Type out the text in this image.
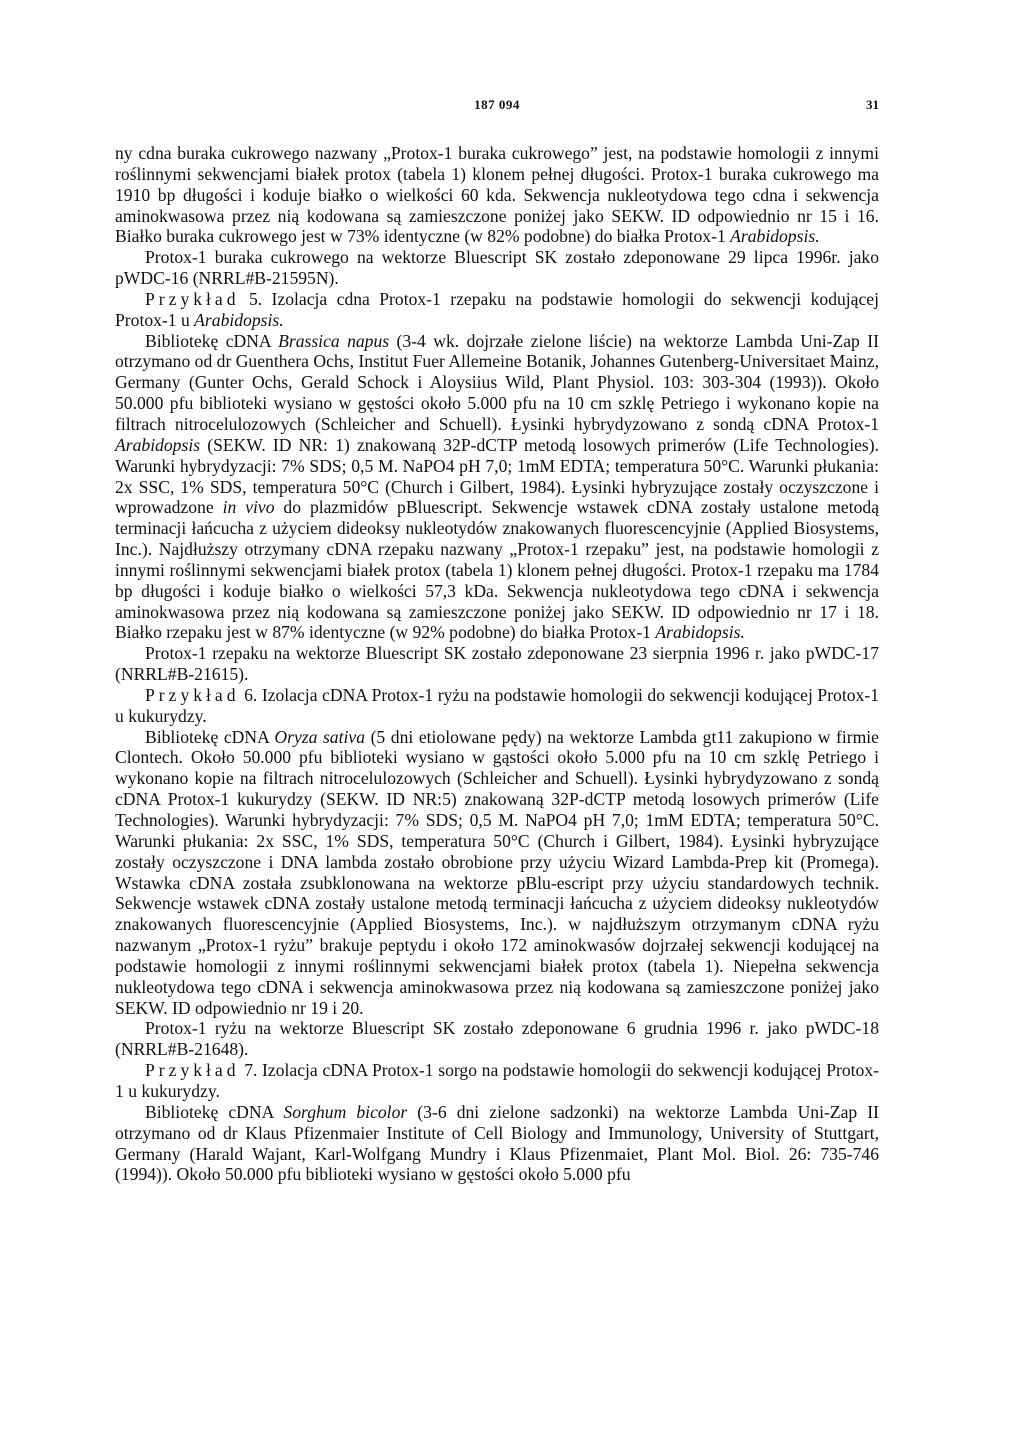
187 094	31

ny cdna buraka cukrowego nazwany „Protox-1 buraka cukrowego” jest, na podstawie homologii z innymi roślinnymi sekwencjami białek protox (tabela 1) klonem pełnej długości. Protox-1 buraka cukrowego ma 1910 bp długości i koduje białko o wielkości 60 kda. Sekwencja nukleotydowa tego cdna i sekwencja aminokwasowa przez nią kodowana są zamieszczone poniżej jako SEKW. ID odpowiednio nr 15 i 16. Białko buraka cukrowego jest w 73% identyczne (w 82% podobne) do białka Protox-1 Arabidopsis.

Protox-1 buraka cukrowego na wektorze Bluescript SK zostało zdeponowane 29 lipca 1996r. jako pWDC-16 (NRRL#B-21595N).

Przykład 5. Izolacja cdna Protox-1 rzepaku na podstawie homologii do sekwencji kodującej Protox-1 u Arabidopsis.

Bibliotekę cDNA Brassica napus (3-4 wk. dojrzałe zielone liście) na wektorze Lambda Uni-Zap II otrzymano od dr Guenthera Ochs, Institut Fuer Allemeine Botanik, Johannes Gutenberg-Universitaet Mainz, Germany (Gunter Ochs, Gerald Schock i Aloysiius Wild, Plant Physiol. 103: 303-304 (1993)). Około 50.000 pfu biblioteki wysiano w gęstości około 5.000 pfu na 10 cm szklę Petriego i wykonano kopie na filtrach nitrocelulozowych (Schleicher and Schuell). Łysinki hybrydyzowano z sondą cDNA Protox-1 Arabidopsis (SEKW. ID NR: 1) znakowaną 32P-dCTP metodą losowych primerów (Life Technologies). Warunki hybrydyzacji: 7% SDS; 0,5 M. NaPO4 pH 7,0; 1mM EDTA; temperatura 50°C. Warunki płukania: 2x SSC, 1% SDS, temperatura 50°C (Church i Gilbert, 1984). Łysinki hybryzujące zostały oczyszczone i wprowadzone in vivo do plazmidów pBluescript. Sekwencje wstawek cDNA zostały ustalone metodą terminacji łańcucha z użyciem dideoksy nukleotydów znakowanych fluorescencyjnie (Applied Biosystems, Inc.). Najdłuższy otrzymany cDNA rzepaku nazwany „Protox-1 rzepaku” jest, na podstawie homologii z innymi roślinnymi sekwencjami białek protox (tabela 1) klonem pełnej długości. Protox-1 rzepaku ma 1784 bp długości i koduje białko o wielkości 57,3 kDa. Sekwencja nukleotydowa tego cDNA i sekwencja aminokwasowa przez nią kodowana są zamieszczone poniżej jako SEKW. ID odpowiednio nr 17 i 18. Białko rzepaku jest w 87% identyczne (w 92% podobne) do białka Protox-1 Arabidopsis.

Protox-1 rzepaku na wektorze Bluescript SK zostało zdeponowane 23 sierpnia 1996 r. jako pWDC-17 (NRRL#B-21615).

Przykład 6. Izolacja cDNA Protox-1 ryżu na podstawie homologii do sekwencji kodującej Protox-1 u kukurydzy.

Bibliotekę cDNA Oryza sativa (5 dni etiolowane pędy) na wektorze Lambda gt11 zakupiono w firmie Clontech. Około 50.000 pfu biblioteki wysiano w gąstości około 5.000 pfu na 10 cm szklę Petriego i wykonano kopie na filtrach nitrocelulozowych (Schleicher and Schuell). Łysinki hybrydyzowano z sondą cDNA Protox-1 kukurydzy (SEKW. ID NR:5) znakowaną 32P-dCTP metodą losowych primerów (Life Technologies). Warunki hybrydyzacji: 7% SDS; 0,5 M. NaPO4 pH 7,0; 1mM EDTA; temperatura 50°C. Warunki płukania: 2x SSC, 1% SDS, temperatura 50°C (Church i Gilbert, 1984). Łysinki hybryzujące zostały oczyszczone i DNA lambda zostało obrobione przy użyciu Wizard Lambda-Prep kit (Promega). Wstawka cDNA została zsubklonowana na wektorze pBlu-escript przy użyciu standardowych technik. Sekwencje wstawek cDNA zostały ustalone metodą terminacji łańcucha z użyciem dideoksy nukleotydów znakowanych fluorescencyjnie (Applied Biosystems, Inc.). w najdłuższym otrzymanym cDNA ryżu nazwanym „Protox-1 ryżu” brakuje peptydu i około 172 aminokwasów dojrzałej sekwencji kodującej na podstawie homologii z innymi roślinnymi sekwencjami białek protox (tabela 1). Niepełna sekwencja nukleotydowa tego cDNA i sekwencja aminokwasowa przez nią kodowana są zamieszczone poniżej jako SEKW. ID odpowiednio nr 19 i 20.

Protox-1 ryżu na wektorze Bluescript SK zostało zdeponowane 6 grudnia 1996 r. jako pWDC-18 (NRRL#B-21648).

Przykład 7. Izolacja cDNA Protox-1 sorgo na podstawie homologii do sekwencji kodującej Protox-1 u kukurydzy.

Bibliotekę cDNA Sorghum bicolor (3-6 dni zielone sadzonki) na wektorze Lambda Uni-Zap II otrzymano od dr Klaus Pfizenmaier Institute of Cell Biology and Immunology, University of Stuttgart, Germany (Harald Wajant, Karl-Wolfgang Mundry i Klaus Pfizenmaiet, Plant Mol. Biol. 26: 735-746 (1994)). Około 50.000 pfu biblioteki wysiano w gęstości około 5.000 pfu
